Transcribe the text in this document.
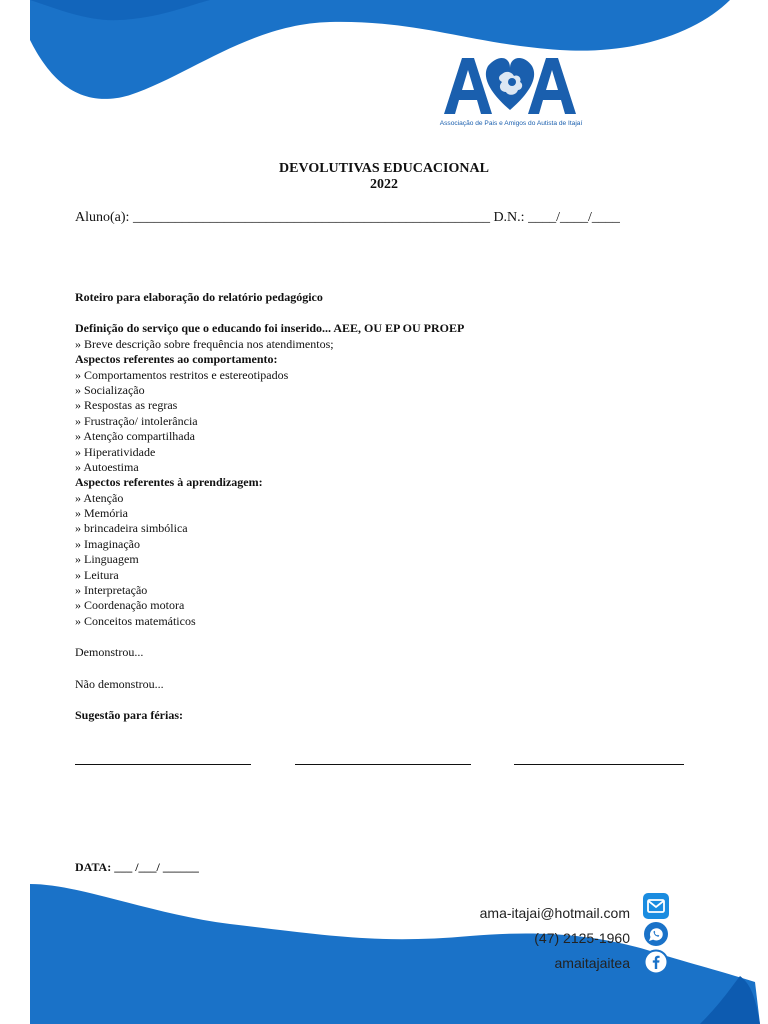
Associação de Pais e Amigos do Autista de Itajaí
DEVOLUTIVAS EDUCACIONAL
2022
Aluno(a): ___________________________________________________ D.N.: ____/____/____
Roteiro para elaboração do relatório pedagógico
Definição do serviço que o educando foi inserido... AEE, OU EP OU PROEP
» Breve descrição sobre frequência nos atendimentos;
Aspectos referentes ao comportamento:
» Comportamentos restritos e estereotipados
» Socialização
» Respostas as regras
» Frustração/ intolerância
» Atenção compartilhada
» Hiperatividade
» Autoestima
Aspectos referentes à aprendizagem:
» Atenção
» Memória
» brincadeira simbólica
» Imaginação
» Linguagem
» Leitura
» Interpretação
» Coordenação motora
» Conceitos matemáticos
Demonstrou...
Não demonstrou...
Sugestão para férias:
DATA: ___ /___/ ______
ama-itajai@hotmail.com
(47) 2125-1960
amaitajaitea
